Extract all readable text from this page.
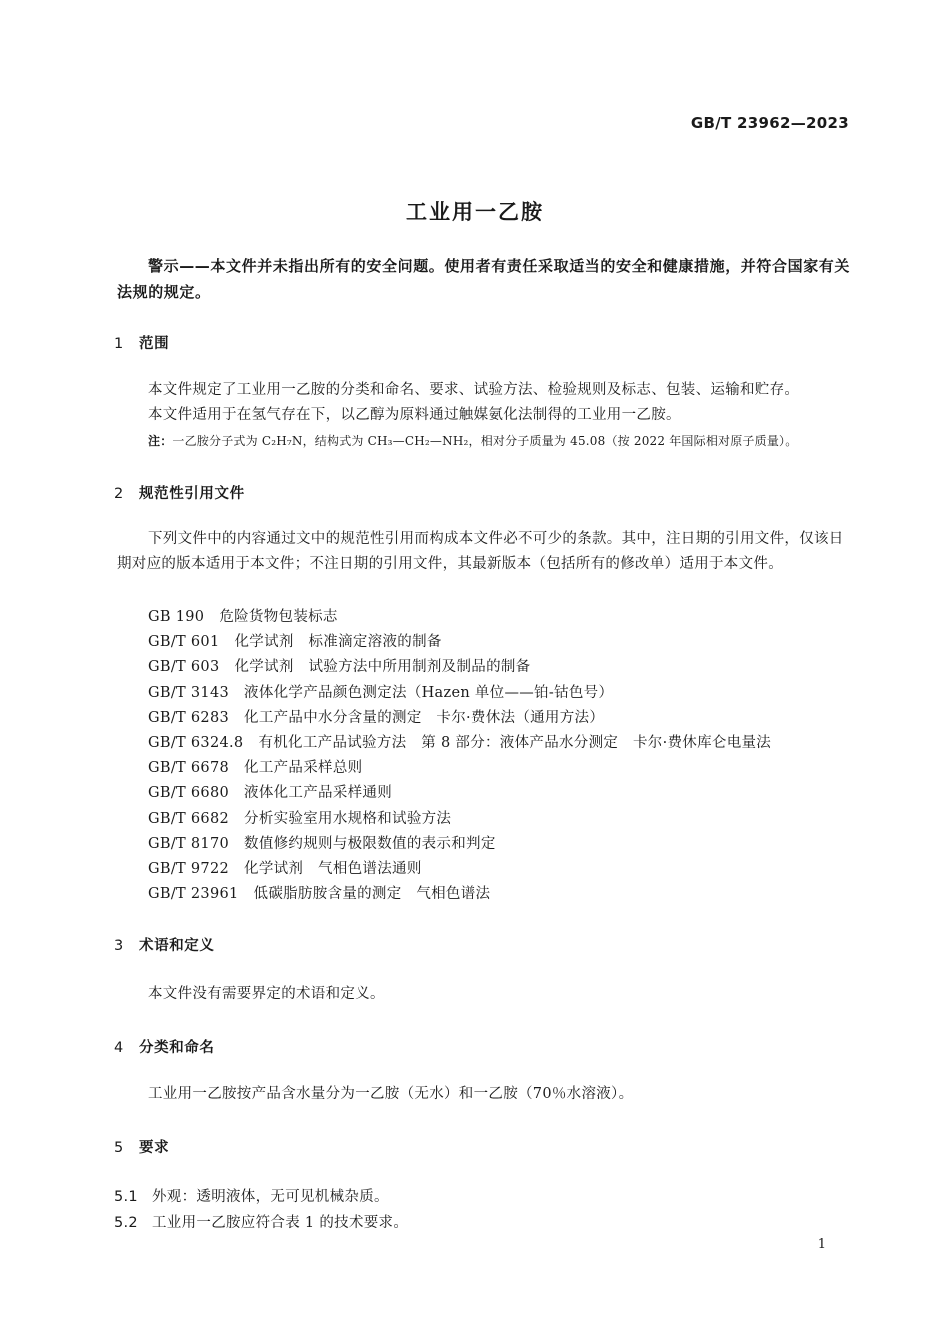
GB/T 23962—2023
工业用一乙胺
警示——本文件并未指出所有的安全问题。使用者有责任采取适当的安全和健康措施，并符合国家有关法规的规定。
1 范围
本文件规定了工业用一乙胺的分类和命名、要求、试验方法、检验规则及标志、包装、运输和贮存。
本文件适用于在氢气存在下，以乙醇为原料通过触媒氨化法制得的工业用一乙胺。
注：一乙胺分子式为 C₂H₇N，结构式为 CH₃—CH₂—NH₂，相对分子质量为 45.08（按 2022 年国际相对原子质量）。
2 规范性引用文件
下列文件中的内容通过文中的规范性引用而构成本文件必不可少的条款。其中，注日期的引用文件，仅该日期对应的版本适用于本文件；不注日期的引用文件，其最新版本（包括所有的修改单）适用于本文件。
GB 190 危险货物包装标志
GB/T 601 化学试剂　标准滴定溶液的制备
GB/T 603 化学试剂　试验方法中所用制剂及制品的制备
GB/T 3143 液体化学产品颜色测定法（Hazen 单位——铂-钴色号）
GB/T 6283 化工产品中水分含量的测定　卡尔·费休法（通用方法）
GB/T 6324.8 有机化工产品试验方法　第 8 部分：液体产品水分测定　卡尔·费休库仑电量法
GB/T 6678 化工产品采样总则
GB/T 6680 液体化工产品采样通则
GB/T 6682 分析实验室用水规格和试验方法
GB/T 8170 数值修约规则与极限数值的表示和判定
GB/T 9722 化学试剂　气相色谱法通则
GB/T 23961 低碳脂肪胺含量的测定　气相色谱法
3 术语和定义
本文件没有需要界定的术语和定义。
4 分类和命名
工业用一乙胺按产品含水量分为一乙胺（无水）和一乙胺（70％水溶液）。
5 要求
5.1 外观：透明液体，无可见机械杂质。
5.2 工业用一乙胺应符合表 1 的技术要求。
1
